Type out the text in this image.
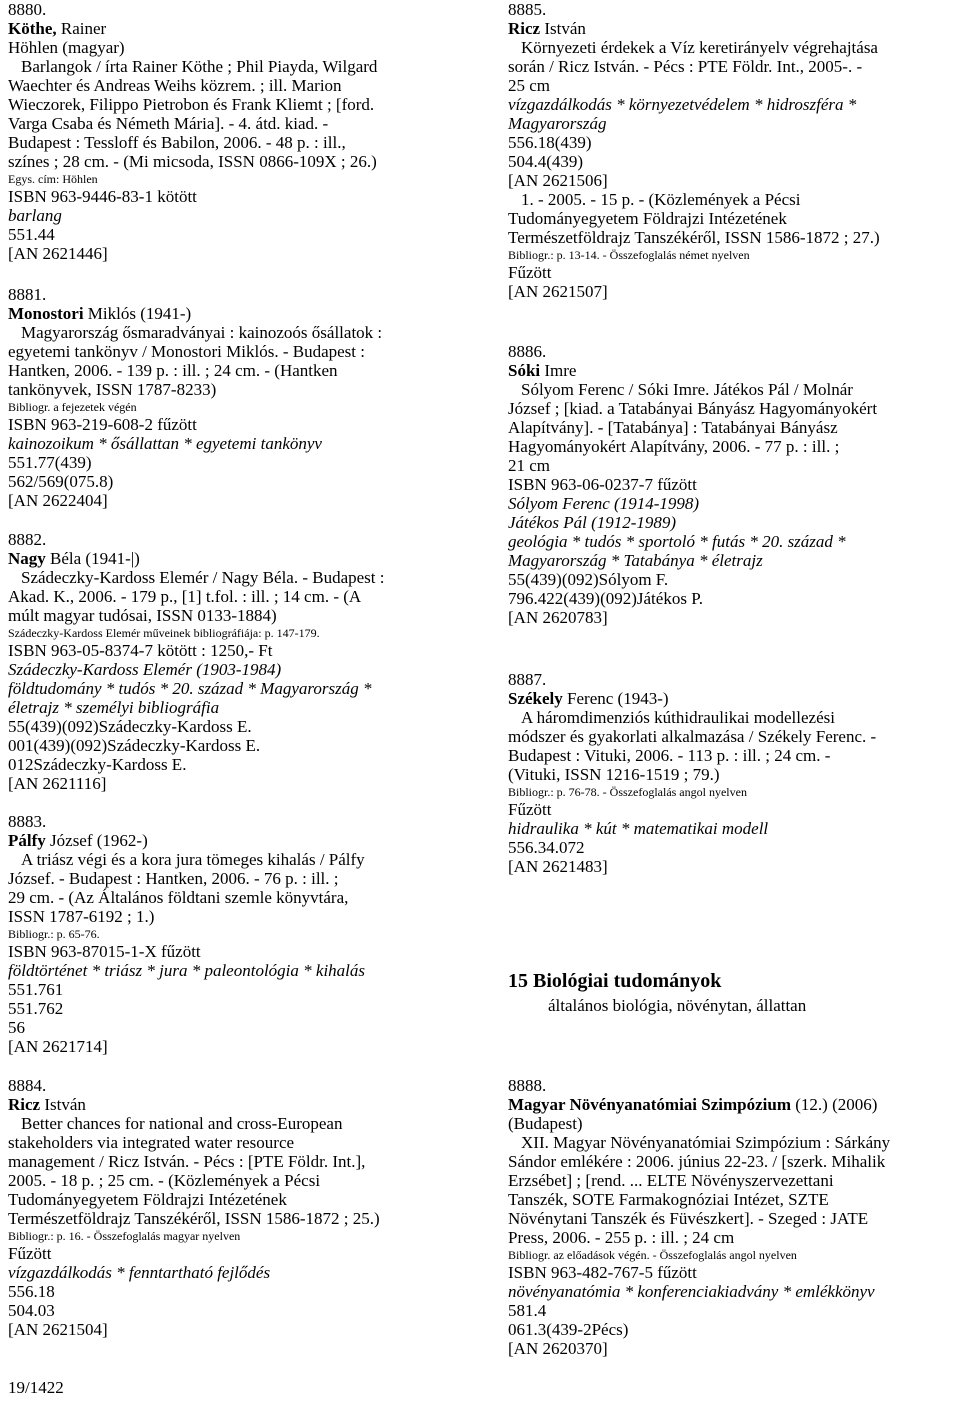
8880.

Köthe, Rainer

Höhlen (magyar)

Barlangok / írta Rainer Köthe ; Phil Piayda, Wilgard

Waechter és Andreas Weihs közrem. ; ill. Marion

Wieczorek, Filippo Pietrobon és Frank Kliemt ; [ford.

Varga Csaba és Németh Mária]. - 4. átd. kiad. -

Budapest : Tessloff és Babilon, 2006. - 48 p. : ill.,

színes ; 28 cm. - (Mi micsoda, ISSN 0866-109X ; 26.)

Egys. cím: Höhlen

ISBN 963-9446-83-1 kötött

barlang

551.44

[AN 2621446]

8881.

Monostori Miklós (1941-)

Magyarország ősmaradványai : kainozoós ősállatok :

egyetemi tankönyv / Monostori Miklós. - Budapest :

Hantken, 2006. - 139 p. : ill. ; 24 cm. - (Hantken

tankönyvek, ISSN 1787-8233)

Bibliogr. a fejezetek végén

ISBN 963-219-608-2 fűzött

kainozoikum * ősállattan * egyetemi tankönyv

551.77(439)

562/569(075.8)

[AN 2622404]

8882.

Nagy Béla (1941-|)

Szádeczky-Kardoss Elemér / Nagy Béla. - Budapest :

Akad. K., 2006. - 179 p., [1] t.fol. : ill. ; 14 cm. - (A

múlt magyar tudósai, ISSN 0133-1884)

Szádeczky-Kardoss Elemér műveinek bibliográfiája: p. 147-179.

ISBN 963-05-8374-7 kötött : 1250,- Ft

Szádeczky-Kardoss Elemér (1903-1984)

földtudomány * tudós * 20. század * Magyarország *

életrajz * személyi bibliográfia

55(439)(092)Szádeczky-Kardoss E.

001(439)(092)Szádeczky-Kardoss E.

012Szádeczky-Kardoss E.

[AN 2621116]

8883.

Pálfy József (1962-)

A triász végi és a kora jura tömeges kihalás / Pálfy

József. - Budapest : Hantken, 2006. - 76 p. : ill. ;

29 cm. - (Az Általános földtani szemle könyvtára,

ISSN 1787-6192 ; 1.)

Bibliogr.: p. 65-76.

ISBN 963-87015-1-X fűzött

földtörténet * triász * jura * paleontológia * kihalás

551.761

551.762

56

[AN 2621714]

8884.

Ricz István

Better chances for national and cross-European

stakeholders via integrated water resource

management / Ricz István. - Pécs : [PTE Földr. Int.],

2005. - 18 p. ; 25 cm. - (Közlemények a Pécsi

Tudományegyetem Földrajzi Intézetének

Természetföldrajz Tanszékéről, ISSN 1586-1872 ; 25.)

Bibliogr.: p. 16. - Összefoglalás magyar nyelven

Fűzött

vízgazdálkodás * fenntartható fejlődés

556.18

504.03

[AN 2621504]

8885.

Ricz István

Környezeti érdekek a Víz keretirányelv végrehajtása

során / Ricz István. - Pécs : PTE Földr. Int., 2005-. -

25 cm

vízgazdálkodás * környezetvédelem * hidroszféra *

Magyarország

556.18(439)

504.4(439)

[AN 2621506]

1. - 2005. - 15 p. - (Közlemények a Pécsi

Tudományegyetem Földrajzi Intézetének

Természetföldrajz Tanszékéről, ISSN 1586-1872 ; 27.)

Bibliogr.: p. 13-14. - Összefoglalás német nyelven

Fűzött

[AN 2621507]

8886.

Sóki Imre

Sólyom Ferenc / Sóki Imre. Játékos Pál / Molnár

József ; [kiad. a Tatabányai Bányász Hagyományokért

Alapítvány]. - [Tatabánya] : Tatabányai Bányász

Hagyományokért Alapítvány, 2006. - 77 p. : ill. ;

21 cm

ISBN 963-06-0237-7 fűzött

Sólyom Ferenc (1914-1998)

Játékos Pál (1912-1989)

geológia * tudós * sportoló * futás * 20. század *

Magyarország * Tatabánya * életrajz

55(439)(092)Sólyom F.

796.422(439)(092)Játékos P.

[AN 2620783]

8887.

Székely Ferenc (1943-)

A háromdimenziós kúthidraulikai modellezési

módszer és gyakorlati alkalmazása / Székely Ferenc. -

Budapest : Vituki, 2006. - 113 p. : ill. ; 24 cm. -

(Vituki, ISSN 1216-1519 ; 79.)

Bibliogr.: p. 76-78. - Összefoglalás angol nyelven

Fűzött

hidraulika * kút * matematikai modell

556.34.072

[AN 2621483]

8888.

Magyar Növényanatómiai Szimpózium (12.) (2006)

(Budapest)

XII. Magyar Növényanatómiai Szimpózium : Sárkány

Sándor emlékére : 2006. június 22-23. / [szerk. Mihalik

Erzsébet] ; [rend. ... ELTE Növényszervezettani

Tanszék, SOTE Farmakognóziai Intézet, SZTE

Növénytani Tanszék és Füvészkert]. - Szeged : JATE

Press, 2006. - 255 p. : ill. ; 24 cm

Bibliogr. az előadások végén. - Összefoglalás angol nyelven

ISBN 963-482-767-5 fűzött

növényanatómia * konferenciakiadvány * emlékkönyv

581.4

061.3(439-2Pécs)

[AN 2620370]

15 Biológiai tudományok
általános biológia, növénytan, állattan
19/1422
